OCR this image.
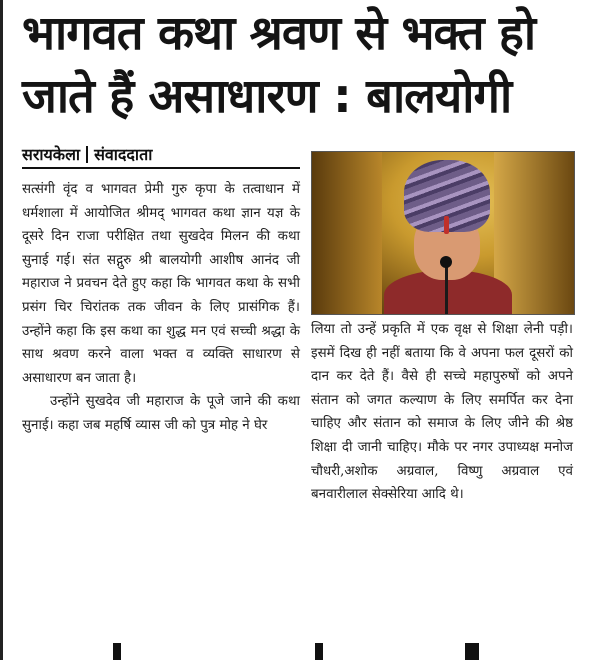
भागवत कथा श्रवण से भक्त हो
जाते हैं असाधारण : बालयोगी
सरायकेला संवाददाता

सत्संगी वृंद व भागवत प्रेमी गुरु कृपा के तत्वाधान में धर्मशाला में आयोजित श्रीमद् भागवत कथा ज्ञान यज्ञ के दूसरे दिन राजा परीक्षित तथा सुखदेव मिलन की कथा सुनाई गई। संत सद्गुरु श्री बालयोगी आशीष आनंद जी महाराज ने प्रवचन देते हुए कहा कि भागवत कथा के सभी प्रसंग चिर चिरांतक तक जीवन के लिए प्रासंगिक हैं। उन्होंने कहा कि इस कथा का शुद्ध मन एवं सच्ची श्रद्धा के साथ श्रवण करने वाला भक्त व व्यक्ति साधारण से असाधारण बन जाता है।

उन्होंने सुखदेव जी महाराज के पूजे जाने की कथा सुनाई। कहा जब महर्षि व्यास जी को पुत्र मोह ने घेर

लिया तो उन्हें प्रकृति में एक वृक्ष से शिक्षा लेनी पड़ी। इसमें दिख ही नहीं बताया कि वे अपना फल दूसरों को दान कर देते हैं। वैसे ही सच्चे महापुरुषों को अपने संतान को जगत कल्याण के लिए समर्पित कर देना चाहिए और संतान को समाज के लिए जीने की श्रेष्ठ शिक्षा दी जानी चाहिए। मौके पर नगर उपाध्यक्ष मनोज चौधरी,अशोक अग्रवाल, विष्णु अग्रवाल एवं बनवारीलाल सेक्सेरिया आदि थे।
